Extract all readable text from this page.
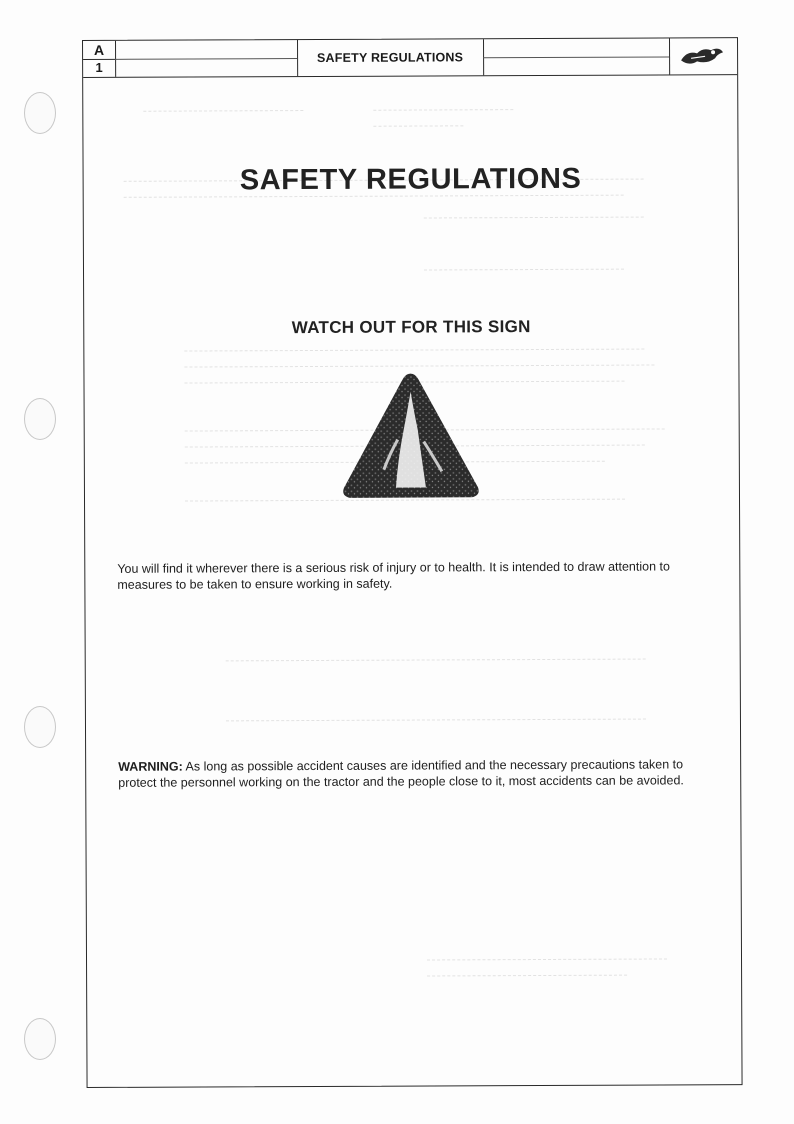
A
1
SAFETY REGULATIONS
SAFETY REGULATIONS
WATCH OUT FOR THIS SIGN
You will find it wherever there is a serious risk of injury or to health. It is intended to draw attention to measures to be taken to ensure working in safety.
WARNING: As long as possible accident causes are identified and the necessary precautions taken to protect the personnel working on the tractor and the people close to it, most accidents can be avoided.
